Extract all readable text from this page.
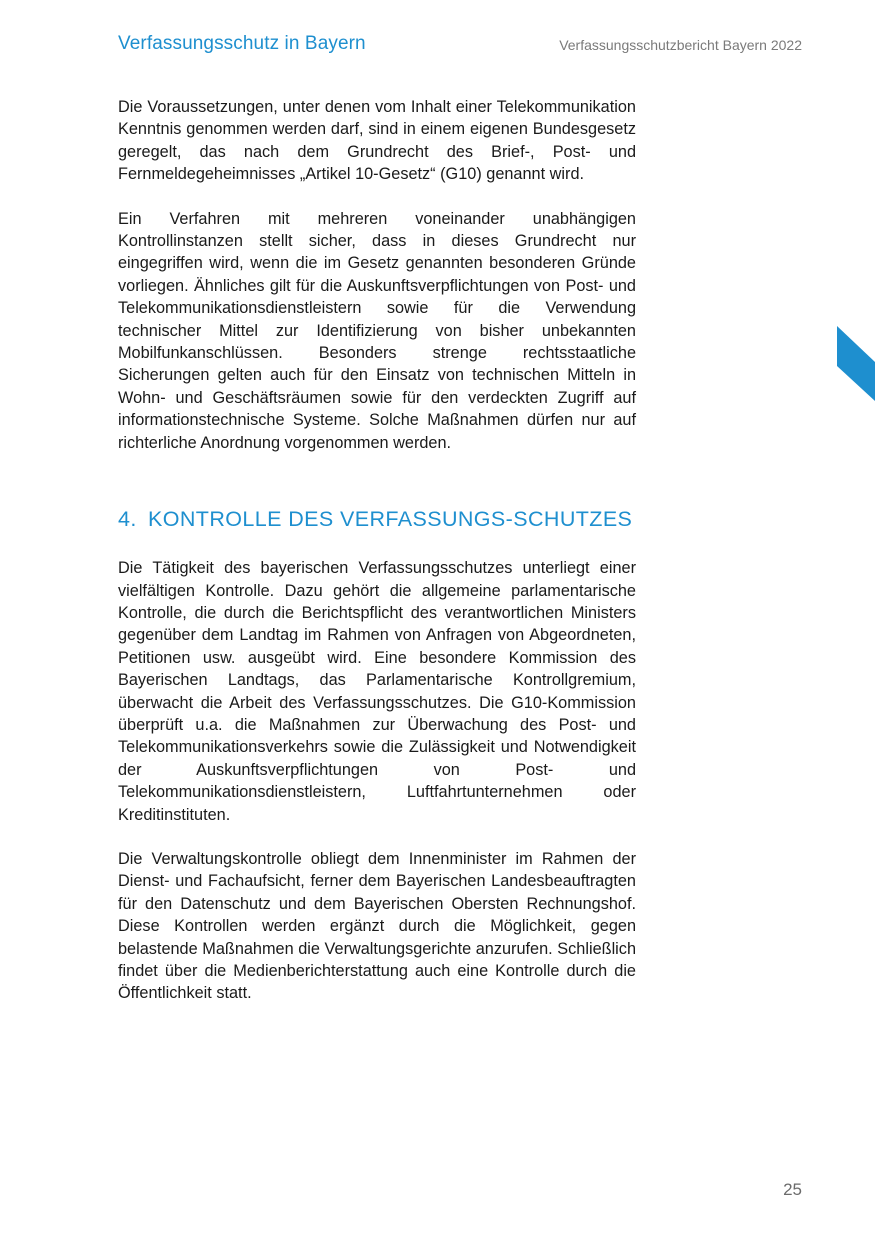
Verfassungsschutz in Bayern	Verfassungsschutzbericht Bayern 2022

Die Voraussetzungen, unter denen vom Inhalt einer Telekommunikation Kenntnis genommen werden darf, sind in einem eigenen Bundesgesetz geregelt, das nach dem Grundrecht des Brief-, Post- und Fernmeldegeheimnisses „Artikel 10-Gesetz“ (G10) genannt wird.

Ein Verfahren mit mehreren voneinander unabhängigen Kontrollinstanzen stellt sicher, dass in dieses Grundrecht nur eingegriffen wird, wenn die im Gesetz genannten besonderen Gründe vorliegen. Ähnliches gilt für die Auskunftsverpflichtungen von Post- und Telekommunikationsdienstleistern sowie für die Verwendung technischer Mittel zur Identifizierung von bisher unbekannten Mobilfunkanschlüssen. Besonders strenge rechtsstaatliche Sicherungen gelten auch für den Einsatz von technischen Mitteln in Wohn- und Geschäftsräumen sowie für den verdeckten Zugriff auf informationstechnische Systeme. Solche Maßnahmen dürfen nur auf richterliche Anordnung vorgenommen werden.

4. KONTROLLE DES VERFASSUNGS-SCHUTZES

Die Tätigkeit des bayerischen Verfassungsschutzes unterliegt einer vielfältigen Kontrolle. Dazu gehört die allgemeine parlamentarische Kontrolle, die durch die Berichtspflicht des verantwortlichen Ministers gegenüber dem Landtag im Rahmen von Anfragen von Abgeordneten, Petitionen usw. ausgeübt wird. Eine besondere Kommission des Bayerischen Landtags, das Parlamentarische Kontrollgremium, überwacht die Arbeit des Verfassungsschutzes. Die G10-Kommission überprüft u.a. die Maßnahmen zur Überwachung des Post- und Telekommunikationsverkehrs sowie die Zulässigkeit und Notwendigkeit der Auskunftsverpflichtungen von Post- und Telekommunikationsdienstleistern, Luftfahrtunternehmen oder Kreditinstituten.

Die Verwaltungskontrolle obliegt dem Innenminister im Rahmen der Dienst- und Fachaufsicht, ferner dem Bayerischen Landesbeauftragten für den Datenschutz und dem Bayerischen Obersten Rechnungshof. Diese Kontrollen werden ergänzt durch die Möglichkeit, gegen belastende Maßnahmen die Verwaltungsgerichte anzurufen. Schließlich findet über die Medienberichterstattung auch eine Kontrolle durch die Öffentlichkeit statt.

25
